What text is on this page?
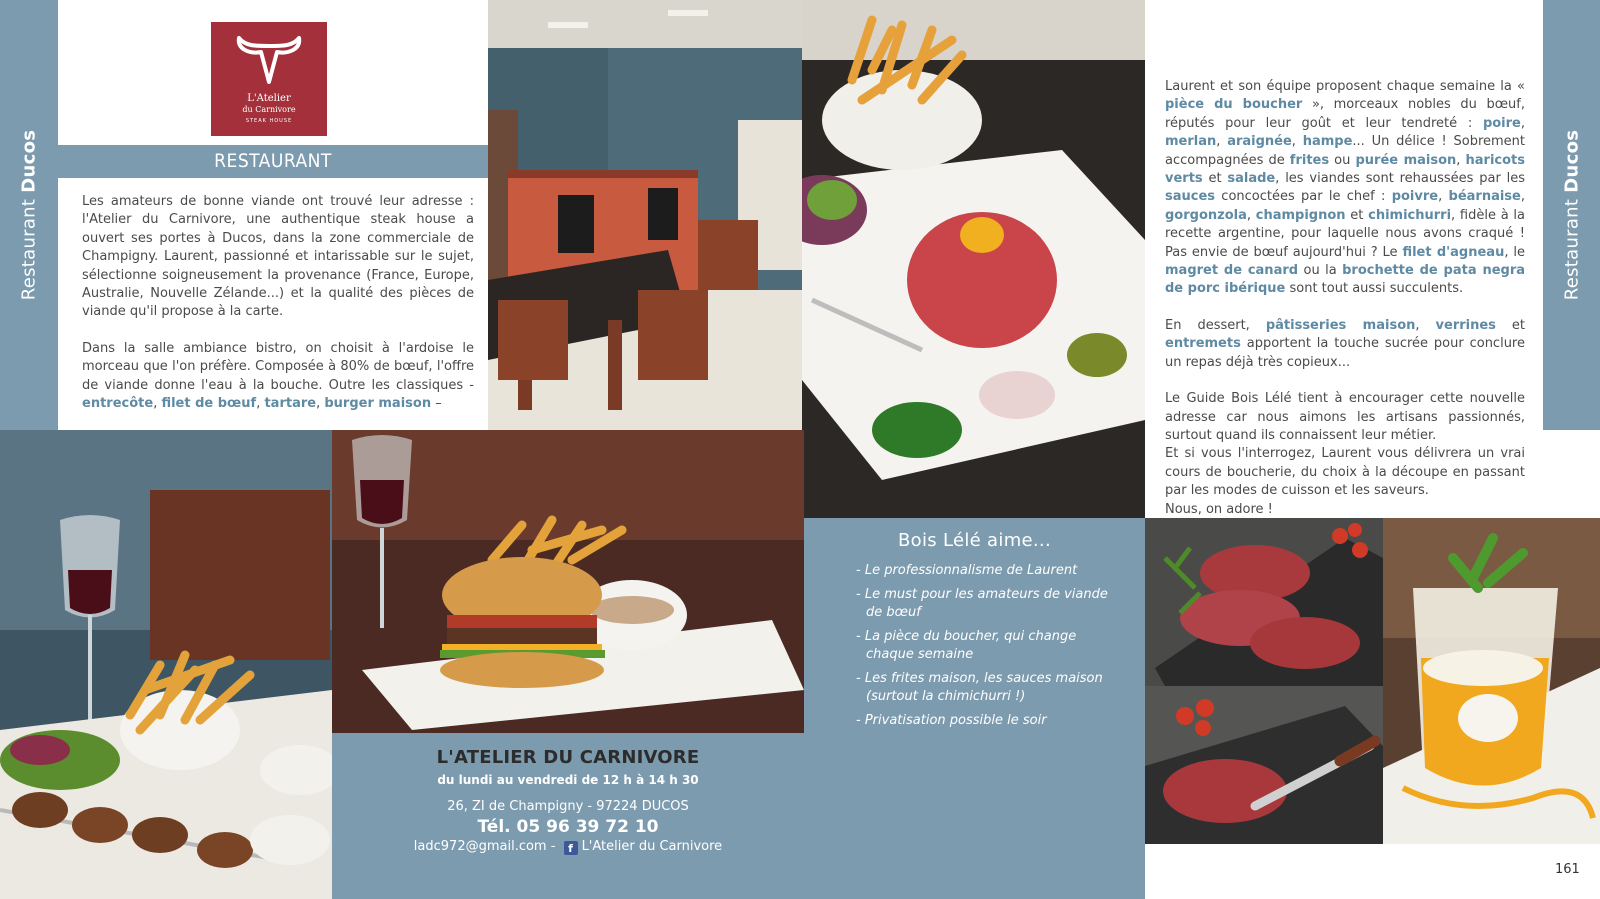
Restaurant Ducos
L'Atelier
du Carnivore
STEAK HOUSE
RESTAURANT

Les amateurs de bonne viande ont trouvé leur adresse : l'Atelier du Carnivore, une authentique steak house a ouvert ses portes à Ducos, dans la zone commerciale de Champigny. Laurent, passionné et intarissable sur le sujet, sélectionne soigneusement la provenance (France, Europe, Australie, Nouvelle Zélande...) et la qualité des pièces de viande qu'il propose à la carte.

Dans la salle ambiance bistro, on choisit à l'ardoise le morceau que l'on préfère. Composée à 80% de bœuf, l'offre de viande donne l'eau à la bouche. Outre les classiques - entrecôte, filet de bœuf, tartare, burger maison –

Laurent et son équipe proposent chaque semaine la « pièce du boucher », morceaux nobles du bœuf, réputés pour leur goût et leur tendreté : poire, merlan, araignée, hampe... Un délice ! Sobrement accompagnées de frites ou purée maison, haricots verts et salade, les viandes sont rehaussées par les sauces concoctées par le chef : poivre, béarnaise, gorgonzola, champignon et chimichurri, fidèle à la recette argentine, pour laquelle nous avons craqué ! Pas envie de bœuf aujourd'hui ? Le filet d'agneau, le magret de canard ou la brochette de pata negra de porc ibérique sont tout aussi succulents.

En dessert, pâtisseries maison, verrines et entremets apportent la touche sucrée pour conclure un repas déjà très copieux...

Le Guide Bois Lélé tient à encourager cette nouvelle adresse car nous aimons les artisans passionnés, surtout quand ils connaissent leur métier.
Et si vous l'interrogez, Laurent vous délivrera un vrai cours de boucherie, du choix à la découpe en passant par les modes de cuisson et les saveurs.
Nous, on adore !

Restaurant Ducos
L'ATELIER DU CARNIVORE
du lundi au vendredi de 12 h à 14 h 30
26, ZI de Champigny - 97224 DUCOS
Tél. 05 96 39 72 10
ladc972@gmail.com - f L'Atelier du Carnivore
Bois Lélé aime...
- Le professionnalisme de Laurent
- Le must pour les amateurs de viande de bœuf
- La pièce du boucher, qui change chaque semaine
- Les frites maison, les sauces maison (surtout la chimichurri !)
- Privatisation possible le soir
161
